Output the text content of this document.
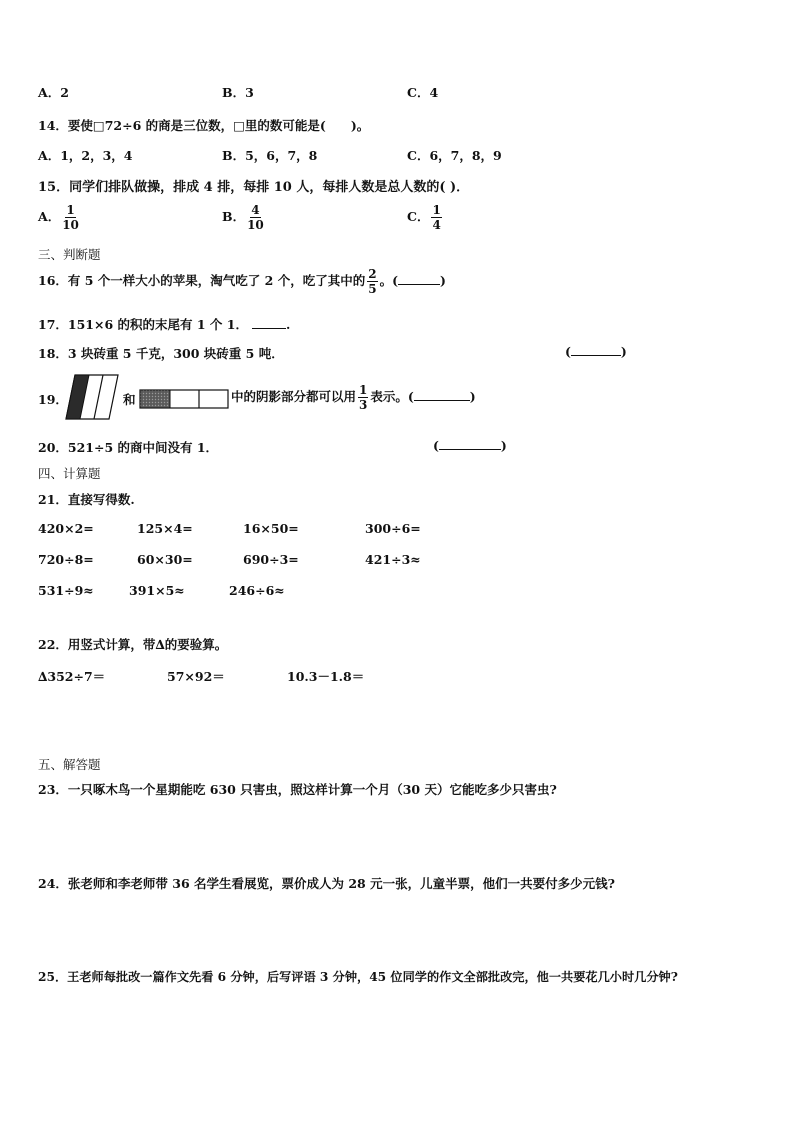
A．2	B．3	C．4
14．要使□72÷6 的商是三位数，□里的数可能是(　　)。
A．1，2，3，4	B．5，6，7，8	C．6，7，8，9
15．同学们排队做操，排成 4 排，每排 10 人，每排人数是总人数的( )．
A． $\frac{1}{10}$	B． $\frac{4}{10}$	C． $\frac{1}{4}$
三、判断题
16．有 5 个一样大小的苹果，淘气吃了 2 个，吃了其中的 $\frac{2}{5}$ 。(	)
17．151×6 的积的末尾有 1 个 1．	.
18．3 块砖重 5 千克，300 块砖重 5 吨．	(	)
19．	和	中的阴影部分都可以用 $\frac{1}{3}$ 表示。(	)
20．521÷5 的商中间没有 1．	(	)
四、计算题
21．直接写得数.
420×2=	125×4=	16×50=	300÷6=
720÷8=	60×30=	690÷3=	421÷3≈
531÷9≈	391×5≈	246÷6≈
22．用竖式计算，带∆的要验算。
∆352÷7＝	57×92＝	10.3－1.8＝
五、解答题
23．一只啄木鸟一个星期能吃 630 只害虫，照这样计算一个月（30 天）它能吃多少只害虫?
24．张老师和李老师带 36 名学生看展览，票价成人为 28 元一张，儿童半票，他们一共要付多少元钱?
25．王老师每批改一篇作文先看 6 分钟，后写评语 3 分钟，45 位同学的作文全部批改完，他一共要花几小时几分钟?
